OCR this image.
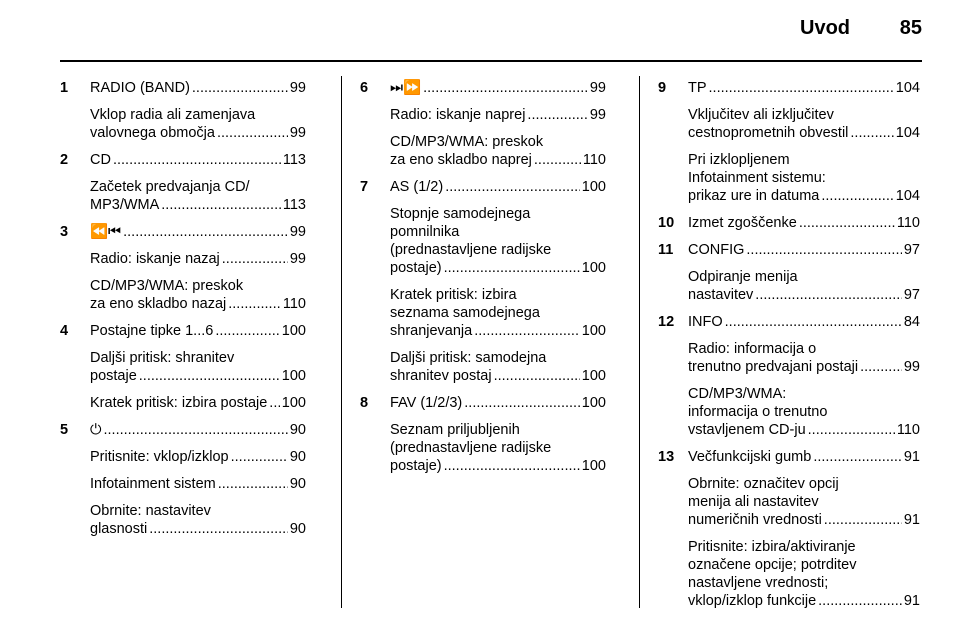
Uvod 85
1 RADIO (BAND) .....	99
Vklop radia ali zamenjava
valovnega območja .....	99
2 CD .....	113
Začetek predvajanja CD/
MP3/WMA .....	113
3 ⏪⏮ .....	99
Radio: iskanje nazaj .....	99
CD/MP3/WMA: preskok
za eno skladbo nazaj .....	110
4 Postajne tipke 1...6 .....	100
Daljši pritisk: shranitev
postaje .....	100
Kratek pritisk: izbira postaje ..... 100
5 ⏻ .....	90
Pritisnite: vklop/izklop .....	90
Infotainment sistem .....	90
Obrnite: nastavitev
glasnosti .....	90
6 ⏭⏩ .....	99
Radio: iskanje naprej .....	99
CD/MP3/WMA: preskok
za eno skladbo naprej .....	110
7 AS (1/2) .....	100
Stopnje samodejnega
pomnilnika
(prednastavljene radijske
postaje) .....	100
Kratek pritisk: izbira
seznama samodejnega
shranjevanja .....	100
Daljši pritisk: samodejna
shranitev postaj .....	100
8 FAV (1/2/3) .....	100
Seznam priljubljenih
(prednastavljene radijske
postaje) .....	100
9 TP .....	104
Vključitev ali izključitev
cestnoprometnih obvestil .....	104
Pri izklopljenem
Infotainment sistemu:
prikaz ure in datuma .....	104
10 Izmet zgoščenke .....	110
11 CONFIG .....	97
Odpiranje menija
nastavitev .....	97
12 INFO .....	84
Radio: informacija o
trenutno predvajani postaji .....	99
CD/MP3/WMA:
informacija o trenutno
vstavljenem CD-ju .....	110
13 Večfunkcijski gumb .....	91
Obrnite: označitev opcij
menija ali nastavitev
numeričnih vrednosti .....	91
Pritisnite: izbira/aktiviranje
označene opcije; potrditev
nastavljene vrednosti;
vklop/izklop funkcije .....	91
